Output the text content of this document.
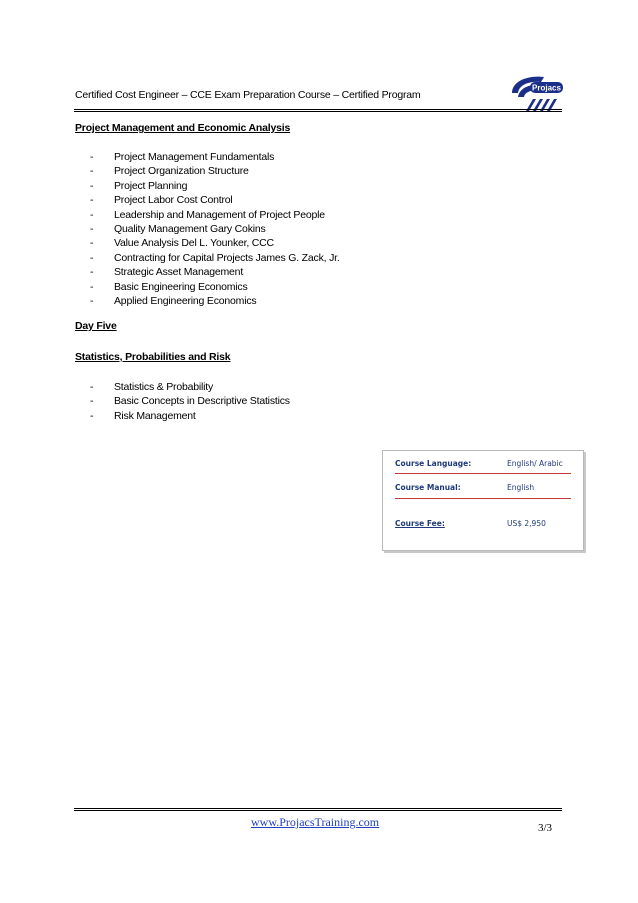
Certified Cost Engineer – CCE Exam Preparation Course – Certified Program
Projacs
Project Management and Economic Analysis
- Project Management Fundamentals
- Project Organization Structure
- Project Planning
- Project Labor Cost Control
- Leadership and Management of Project People
- Quality Management Gary Cokins
- Value Analysis Del L. Younker, CCC
- Contracting for Capital Projects James G. Zack, Jr.
- Strategic Asset Management
- Basic Engineering Economics
- Applied Engineering Economics
Day Five
Statistics, Probabilities and Risk
- Statistics & Probability
- Basic Concepts in Descriptive Statistics
- Risk Management
Course Language:	English/ Arabic
Course Manual:	English
Course Fee:	US$ 2,950
www.ProjacsTraining.com	3/3
